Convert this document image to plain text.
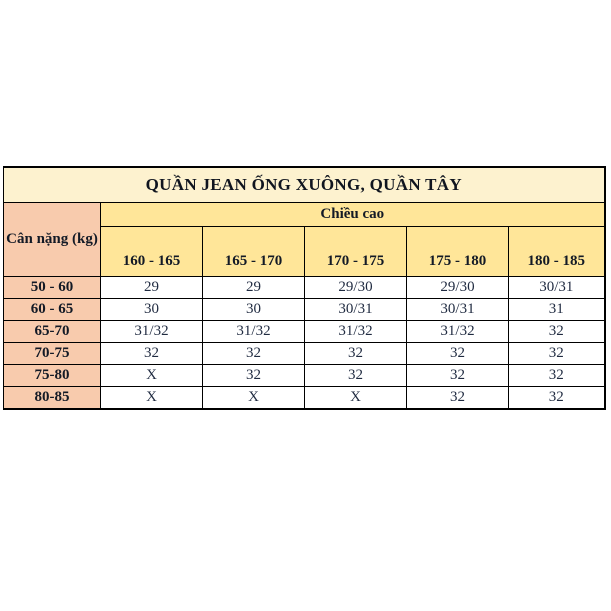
QUẦN JEAN ỐNG XUÔNG, QUẦN TÂY					
Cân nặng (kg)	Chiều cao				
	160 - 165	165 - 170	170 - 175	175 - 180	180 - 185
50 - 60	29	29	29/30	29/30	30/31
60 - 65	30	30	30/31	30/31	31
65-70	31/32	31/32	31/32	31/32	32
70-75	32	32	32	32	32
75-80	X	32	32	32	32
80-85	X	X	X	32	32
